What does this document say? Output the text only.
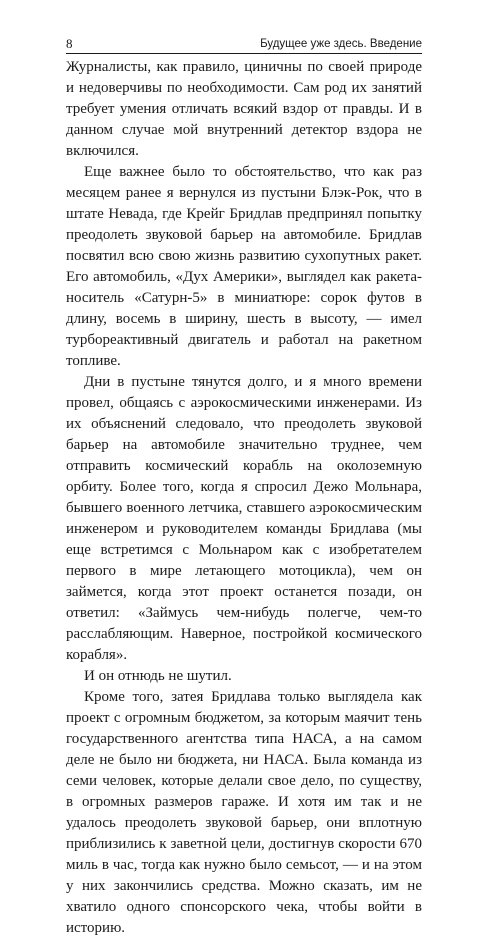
8	Будущее уже здесь. Введение

Журналисты, как правило, циничны по своей природе и недоверчивы по необходимости. Сам род их занятий требует умения отличать всякий вздор от правды. И в данном случае мой внутренний детектор вздора не включился.

Еще важнее было то обстоятельство, что как раз месяцем ранее я вернулся из пустыни Блэк-Рок, что в штате Невада, где Крейг Бридлав предпринял попытку преодолеть звуковой барьер на автомобиле. Бридлав посвятил всю свою жизнь развитию сухопутных ракет. Его автомобиль, «Дух Америки», выглядел как ракета-носитель «Сатурн-5» в миниатюре: сорок футов в длину, восемь в ширину, шесть в высоту, — имел турбореактивный двигатель и работал на ракетном топливе.

Дни в пустыне тянутся долго, и я много времени провел, общаясь с аэрокосмическими инженерами. Из их объяснений следовало, что преодолеть звуковой барьер на автомобиле значительно труднее, чем отправить космический корабль на околоземную орбиту. Более того, когда я спросил Дежо Мольнара, бывшего военного летчика, ставшего аэрокосмическим инженером и руководителем команды Бридлава (мы еще встретимся с Мольнаром как с изобретателем первого в мире летающего мотоцикла), чем он займется, когда этот проект останется позади, он ответил: «Займусь чем-нибудь полегче, чем-то расслабляющим. Наверное, постройкой космического корабля».

И он отнюдь не шутил.

Кроме того, затея Бридлава только выглядела как проект с огромным бюджетом, за которым маячит тень государственного агентства типа НАСА, а на самом деле не было ни бюджета, ни НАСА. Была команда из семи человек, которые делали свое дело, по существу, в огромных размеров гараже. И хотя им так и не удалось преодолеть звуковой барьер, они вплотную приблизились к заветной цели, достигнув скорости 670 миль в час, тогда как нужно было семьсот, — и на этом у них закончились средства. Можно сказать, им не хватило одного спонсорского чека, чтобы войти в историю.
